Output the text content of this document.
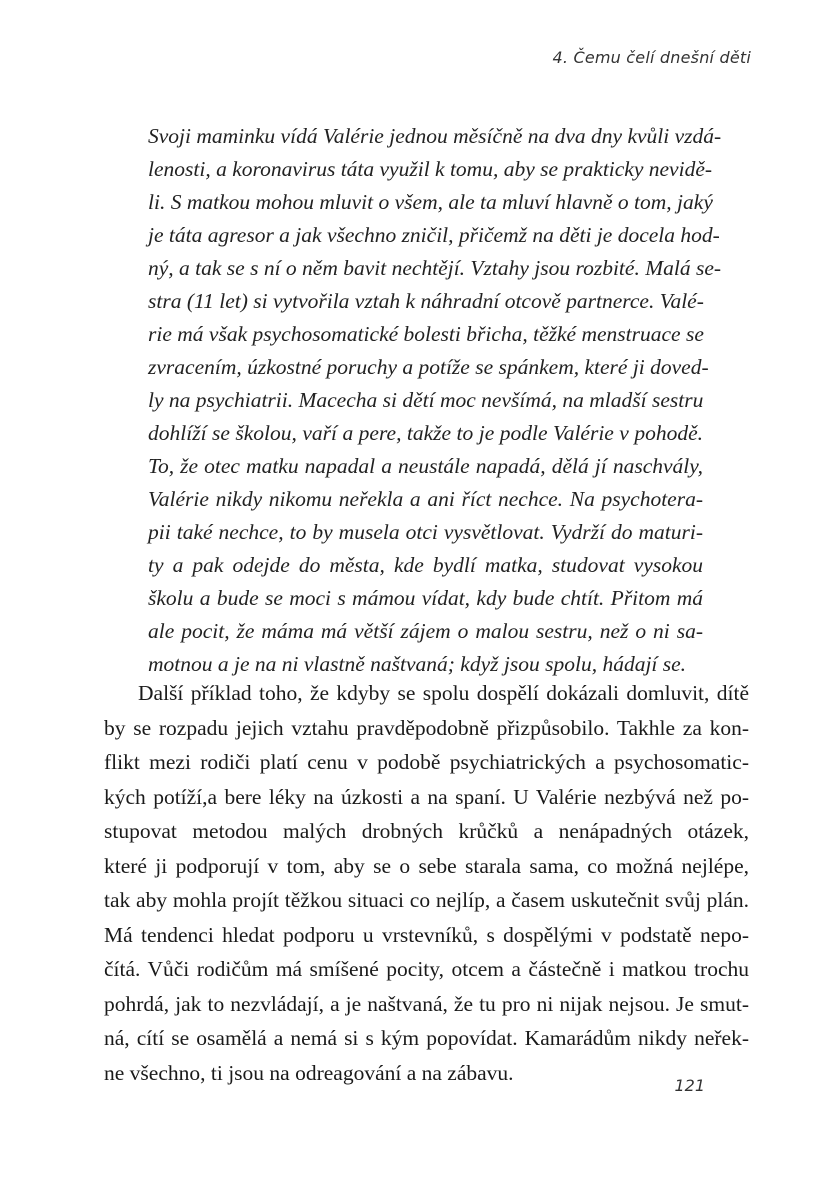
4. Čemu čelí dnešní děti
Svoji maminku vídá Valérie jednou měsíčně na dva dny kvůli vzdá-
lenosti, a koronavirus táta využil k tomu, aby se prakticky nevidě-
li. S matkou mohou mluvit o všem, ale ta mluví hlavně o tom, jaký
je táta agresor a jak všechno zničil, přičemž na děti je docela hod-
ný, a tak se s ní o něm bavit nechtějí. Vztahy jsou rozbité. Malá se-
stra (11 let) si vytvořila vztah k náhradní otcově partnerce. Valé-
rie má však psychosomatické bolesti břicha, těžké menstruace se
zvracením, úzkostné poruchy a potíže se spánkem, které ji doved-
ly na psychiatrii. Macecha si dětí moc nevšímá, na mladší sestru
dohlíží se školou, vaří a pere, takže to je podle Valérie v pohodě.
To, že otec matku napadal a neustále napadá, dělá jí naschvály,
Valérie nikdy nikomu neřekla a ani říct nechce. Na psychotera-
pii také nechce, to by musela otci vysvětlovat. Vydrží do maturi-
ty a pak odejde do města, kde bydlí matka, studovat vysokou
školu a bude se moci s mámou vídat, kdy bude chtít. Přitom má
ale pocit, že máma má větší zájem o malou sestru, než o ni sa-
motnou a je na ni vlastně naštvaná; když jsou spolu, hádají se.
Další příklad toho, že kdyby se spolu dospělí dokázali domluvit, dítě
by se rozpadu jejich vztahu pravděpodobně přizpůsobilo. Takhle za kon-
flikt mezi rodiči platí cenu v podobě psychiatrických a psychosomatic-
kých potíží,a bere léky na úzkosti a na spaní. U Valérie nezbývá než po-
stupovat metodou malých drobných krůčků a nenápadných otázek,
které ji podporují v tom, aby se o sebe starala sama, co možná nejlépe,
tak aby mohla projít těžkou situaci co nejlíp, a časem uskutečnit svůj plán.
Má tendenci hledat podporu u vrstevníků, s dospělými v podstatě nepo-
čítá. Vůči rodičům má smíšené pocity, otcem a částečně i matkou trochu
pohrdá, jak to nezvládají, a je naštvaná, že tu pro ni nijak nejsou. Je smut-
ná, cítí se osamělá a nemá si s kým popovídat. Kamarádům nikdy neřek-
ne všechno, ti jsou na odreagování a na zábavu.
121
